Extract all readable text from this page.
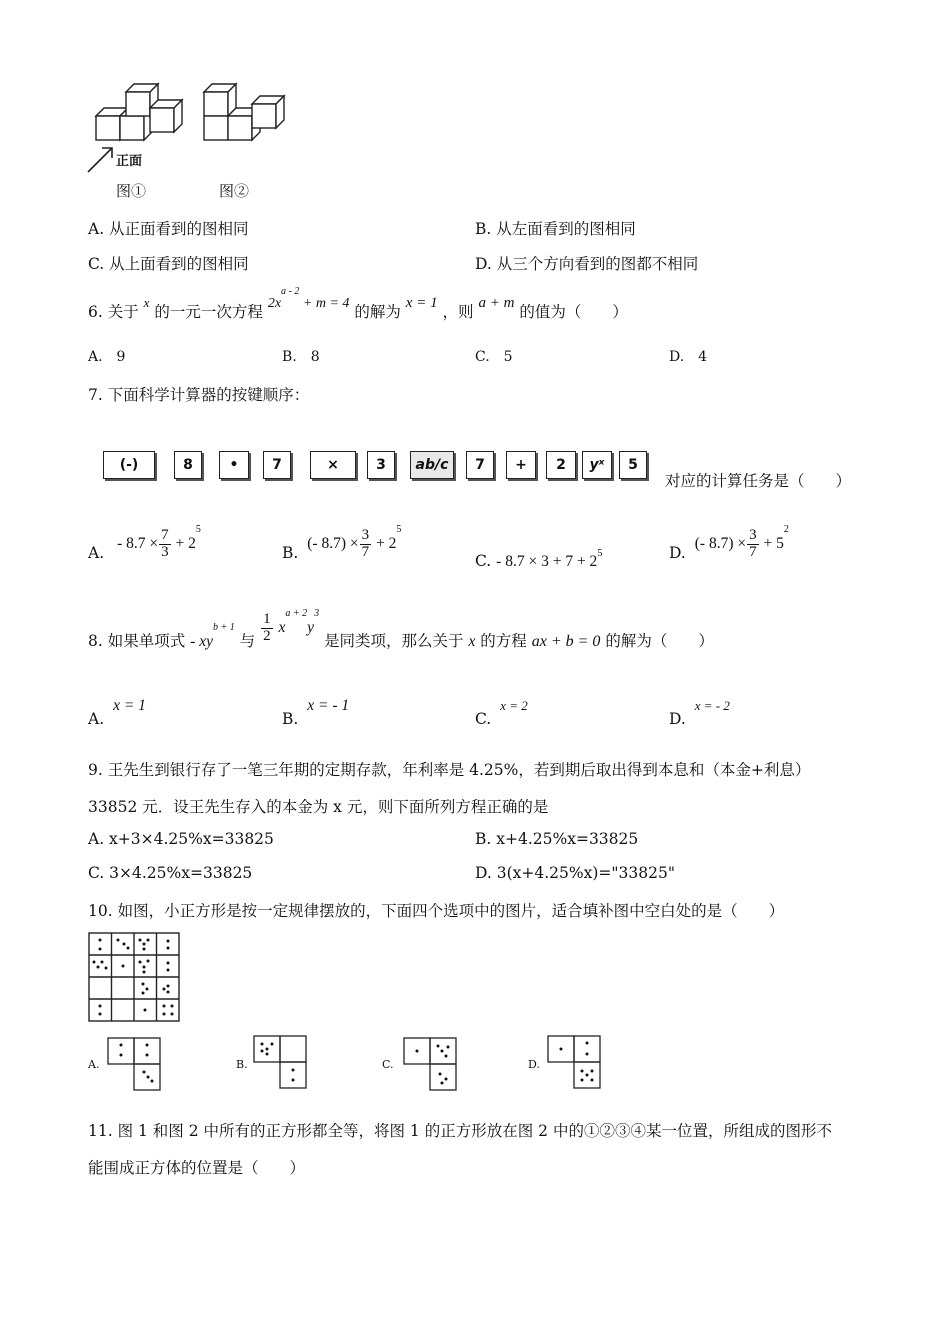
正面
图①	图②
A. 从正面看到的图相同	B. 从左面看到的图相同
C. 从上面看到的图相同	D. 从三个方向看到的图都不相同
6. 关于 x 的一元一次方程 $2x^{a - 2} + m = 4$ 的解为 x = 1 ，则 a + m 的值为（　　）
A.　9	B.　8	C.　5	D.　4
7. 下面科学计算器的按键顺序：
(-)	8	•	7	×	3	ab/c	7	+	2	yˣ	5
对应的计算任务是（　　）
A. - $8.7 \times \frac{7}{3} + 2^5$
B. (- $8.7) \times \frac{3}{7} + 2^5$
C. - $8.7 \times 3 + 7 + 2^5$	D. (- $8.7) \times \frac{3}{7} + 5^2$
8. 如果单项式 - $xy^{b + 1}$ 与 $\frac{1}{2} x^{a + 2}y^3$ 是同类项，那么关于 x 的方程 ax + b = 0 的解为（　　）
A. x = 1
B. x = - 1
C. x = 2
D. x = - 2
9. 王先生到银行存了一笔三年期的定期存款，年利率是 4.25%，若到期后取出得到本息和（本金+利息）
33852 元．设王先生存入的本金为 x 元，则下面所列方程正确的是
A. x+3×4.25%x=33825	B. x+4.25%x=33825
C. 3×4.25%x=33825	D. 3(x+4.25%x)="33825"
10. 如图，小正方形是按一定规律摆放的，下面四个选项中的图片，适合填补图中空白处的是（　　）
A.	B.	C.	D.
11. 图 1 和图 2 中所有的正方形都全等，将图 1 的正方形放在图 2 中的①②③④某一位置，所组成的图形不
能围成正方体的位置是（　　）
